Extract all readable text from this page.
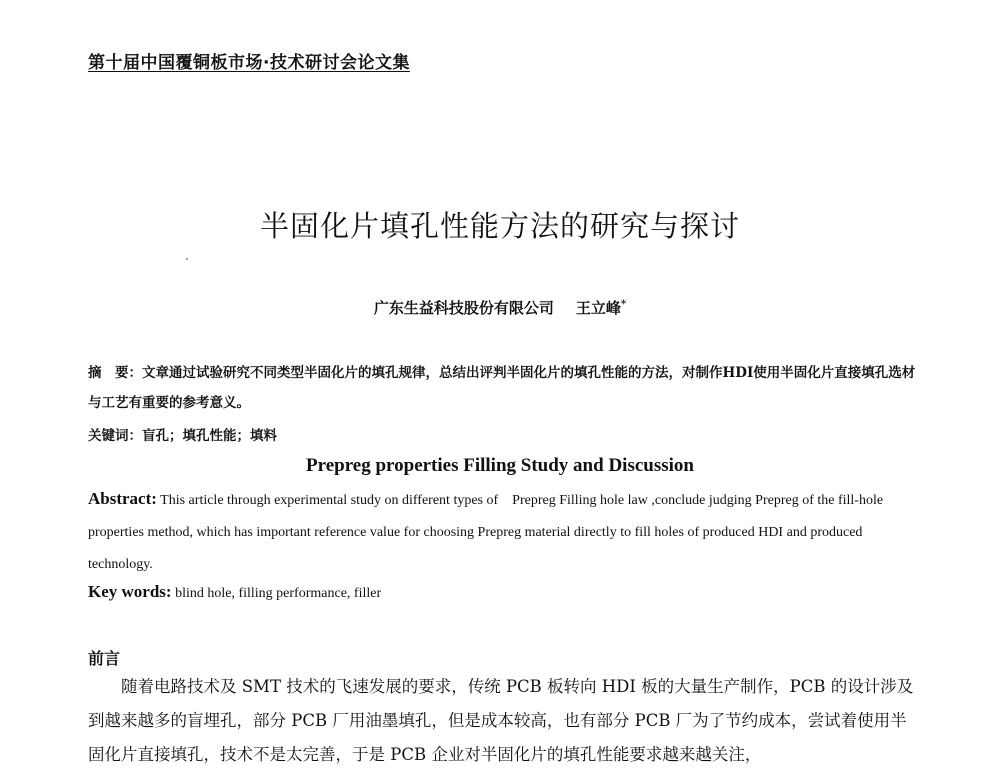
第十届中国覆铜板市场·技术研讨会论文集
半固化片填孔性能方法的研究与探讨
广东生益科技股份有限公司 王立峰*
摘　要：文章通过试验研究不同类型半固化片的填孔规律，总结出评判半固化片的填孔性能的方法，对制作HDI使用半固化片直接填孔选材与工艺有重要的参考意义。
关键词：盲孔；填孔性能；填料
Prepreg properties Filling Study and Discussion
Abstract: This article through experimental study on different types of　Prepreg Filling hole law ,conclude judging Prepreg of the fill-hole properties method, which has important reference value for choosing Prepreg material directly to fill holes of produced HDI and produced technology.
Key words: blind hole, filling performance, filler
前言
随着电路技术及 SMT 技术的飞速发展的要求，传统 PCB 板转向 HDI 板的大量生产制作，PCB 的设计涉及到越来越多的盲埋孔，部分 PCB 厂用油墨填孔，但是成本较高，也有部分 PCB 厂为了节约成本，尝试着使用半固化片直接填孔，技术不是太完善，于是 PCB 企业对半固化片的填孔性能要求越来越关注，
